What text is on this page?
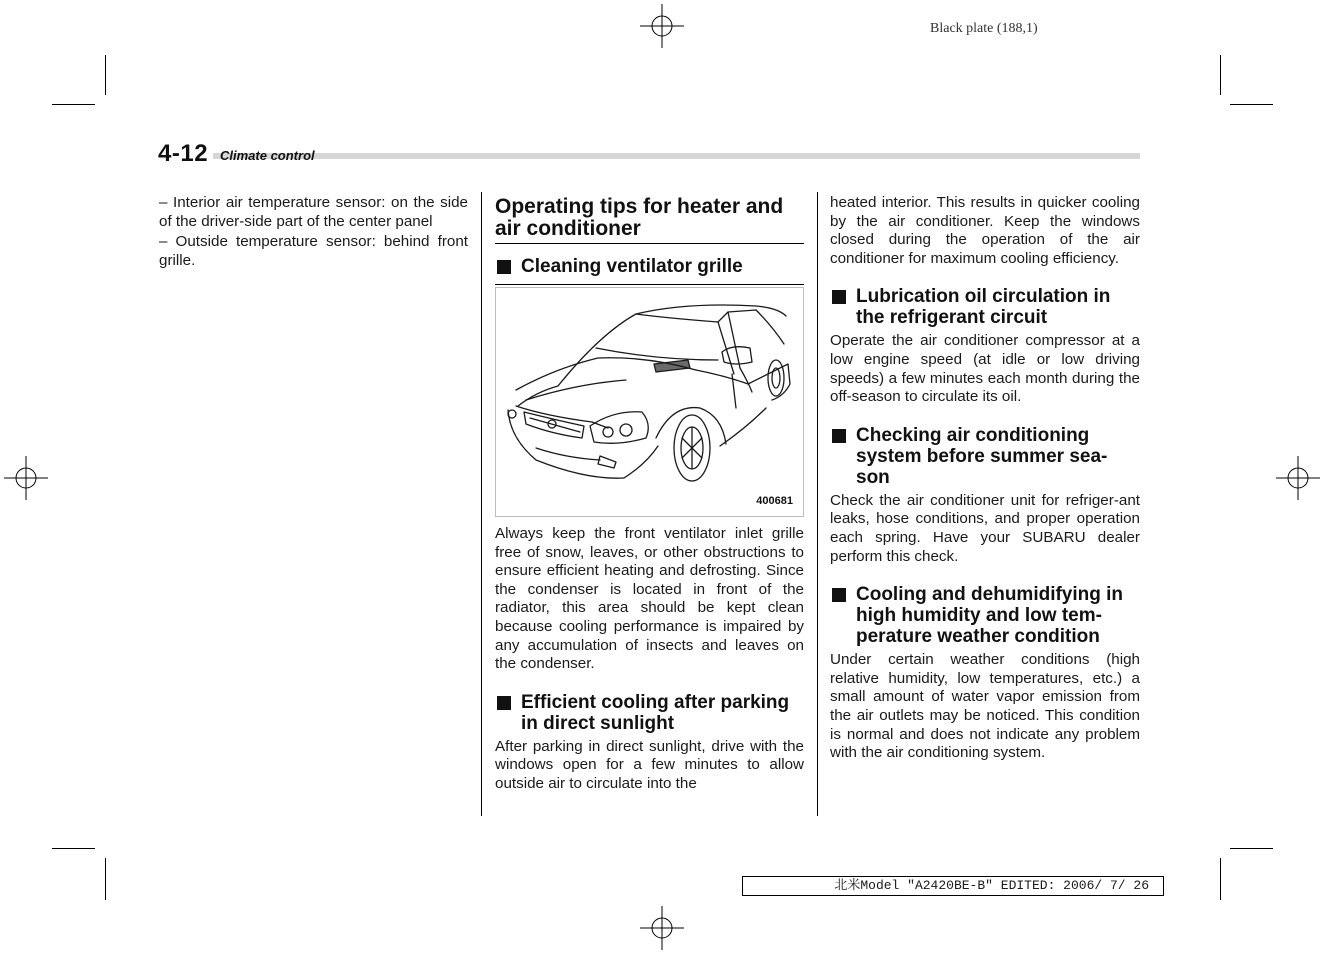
Black plate (188,1)
4-12 Climate control

– Interior air temperature sensor: on the side of the driver-side part of the center panel

– Outside temperature sensor: behind front grille.

Operating tips for heater and air conditioner
Cleaning ventilator grille
400681
Always keep the front ventilator inlet grille free of snow, leaves, or other obstructions to ensure efficient heating and defrosting. Since the condenser is located in front of the radiator, this area should be kept clean because cooling performance is impaired by any accumulation of insects and leaves on the condenser.
Efficient cooling after parking in direct sunlight
After parking in direct sunlight, drive with the windows open for a few minutes to allow outside air to circulate into the
heated interior. This results in quicker cooling by the air conditioner. Keep the windows closed during the operation of the air conditioner for maximum cooling efficiency.
Lubrication oil circulation in the refrigerant circuit
Operate the air conditioner compressor at a low engine speed (at idle or low driving speeds) a few minutes each month during the off-season to circulate its oil.
Checking air conditioning system before summer sea-son
Check the air conditioner unit for refriger-ant leaks, hose conditions, and proper operation each spring. Have your SUBARU dealer perform this check.
Cooling and dehumidifying in high humidity and low tem-perature weather condition
Under certain weather conditions (high relative humidity, low temperatures, etc.) a small amount of water vapor emission from the air outlets may be noticed. This condition is normal and does not indicate any problem with the air conditioning system.
北米Model "A2420BE-B" EDITED: 2006/ 7/ 26
